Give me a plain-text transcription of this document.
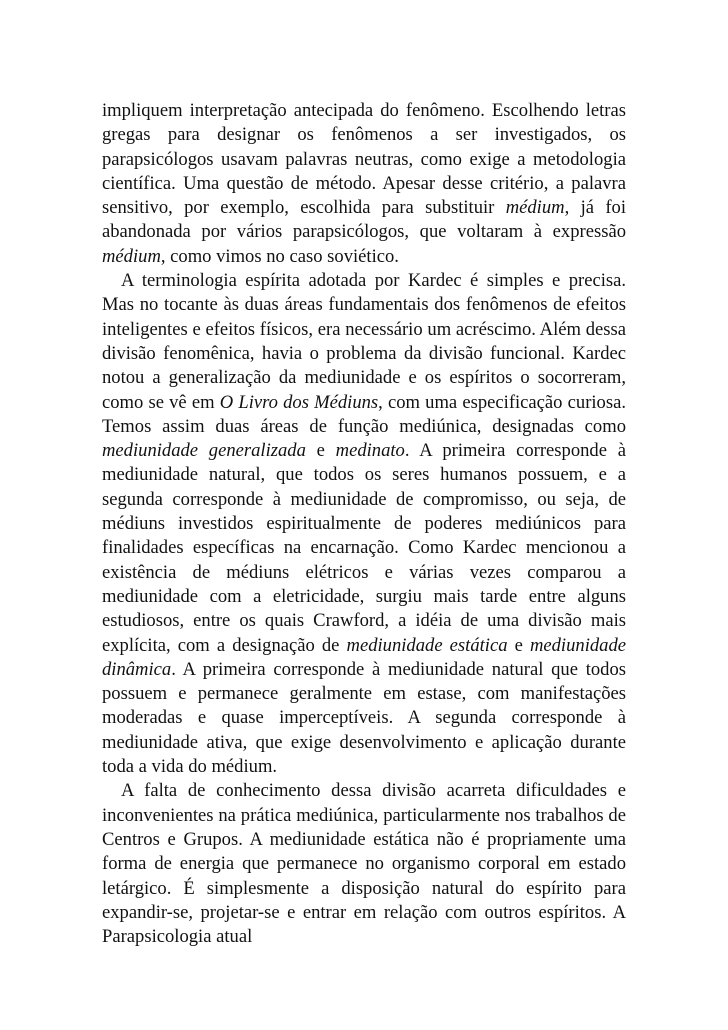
impliquem interpretação antecipada do fenômeno. Escolhendo letras gregas para designar os fenômenos a ser investigados, os parapsicólogos usavam palavras neutras, como exige a metodologia científica. Uma questão de método. Apesar desse critério, a palavra sensitivo, por exemplo, escolhida para substituir médium, já foi abandonada por vários parapsicólogos, que voltaram à expressão médium, como vimos no caso soviético.

A terminologia espírita adotada por Kardec é simples e precisa. Mas no tocante às duas áreas fundamentais dos fenômenos de efeitos inteligentes e efeitos físicos, era necessário um acréscimo. Além dessa divisão fenomênica, havia o problema da divisão funcional. Kardec notou a generalização da mediunidade e os espíritos o socorreram, como se vê em O Livro dos Médiuns, com uma especificação curiosa. Temos assim duas áreas de função mediúnica, designadas como mediunidade generalizada e medinato. A primeira corresponde à mediunidade natural, que todos os seres humanos possuem, e a segunda corresponde à mediunidade de compromisso, ou seja, de médiuns investidos espiritualmente de poderes mediúnicos para finalidades específicas na encarnação. Como Kardec mencionou a existência de médiuns elétricos e várias vezes comparou a mediunidade com a eletricidade, surgiu mais tarde entre alguns estudiosos, entre os quais Crawford, a idéia de uma divisão mais explícita, com a designação de mediunidade estática e mediunidade dinâmica. A primeira corresponde à mediunidade natural que todos possuem e permanece geralmente em estase, com manifestações moderadas e quase imperceptíveis. A segunda corresponde à mediunidade ativa, que exige desenvolvimento e aplicação durante toda a vida do médium.

A falta de conhecimento dessa divisão acarreta dificuldades e inconvenientes na prática mediúnica, particularmente nos trabalhos de Centros e Grupos. A mediunidade estática não é propriamente uma forma de energia que permanece no organismo corporal em estado letárgico. É simplesmente a disposição natural do espírito para expandir-se, projetar-se e entrar em relação com outros espíritos. A Parapsicologia atual
